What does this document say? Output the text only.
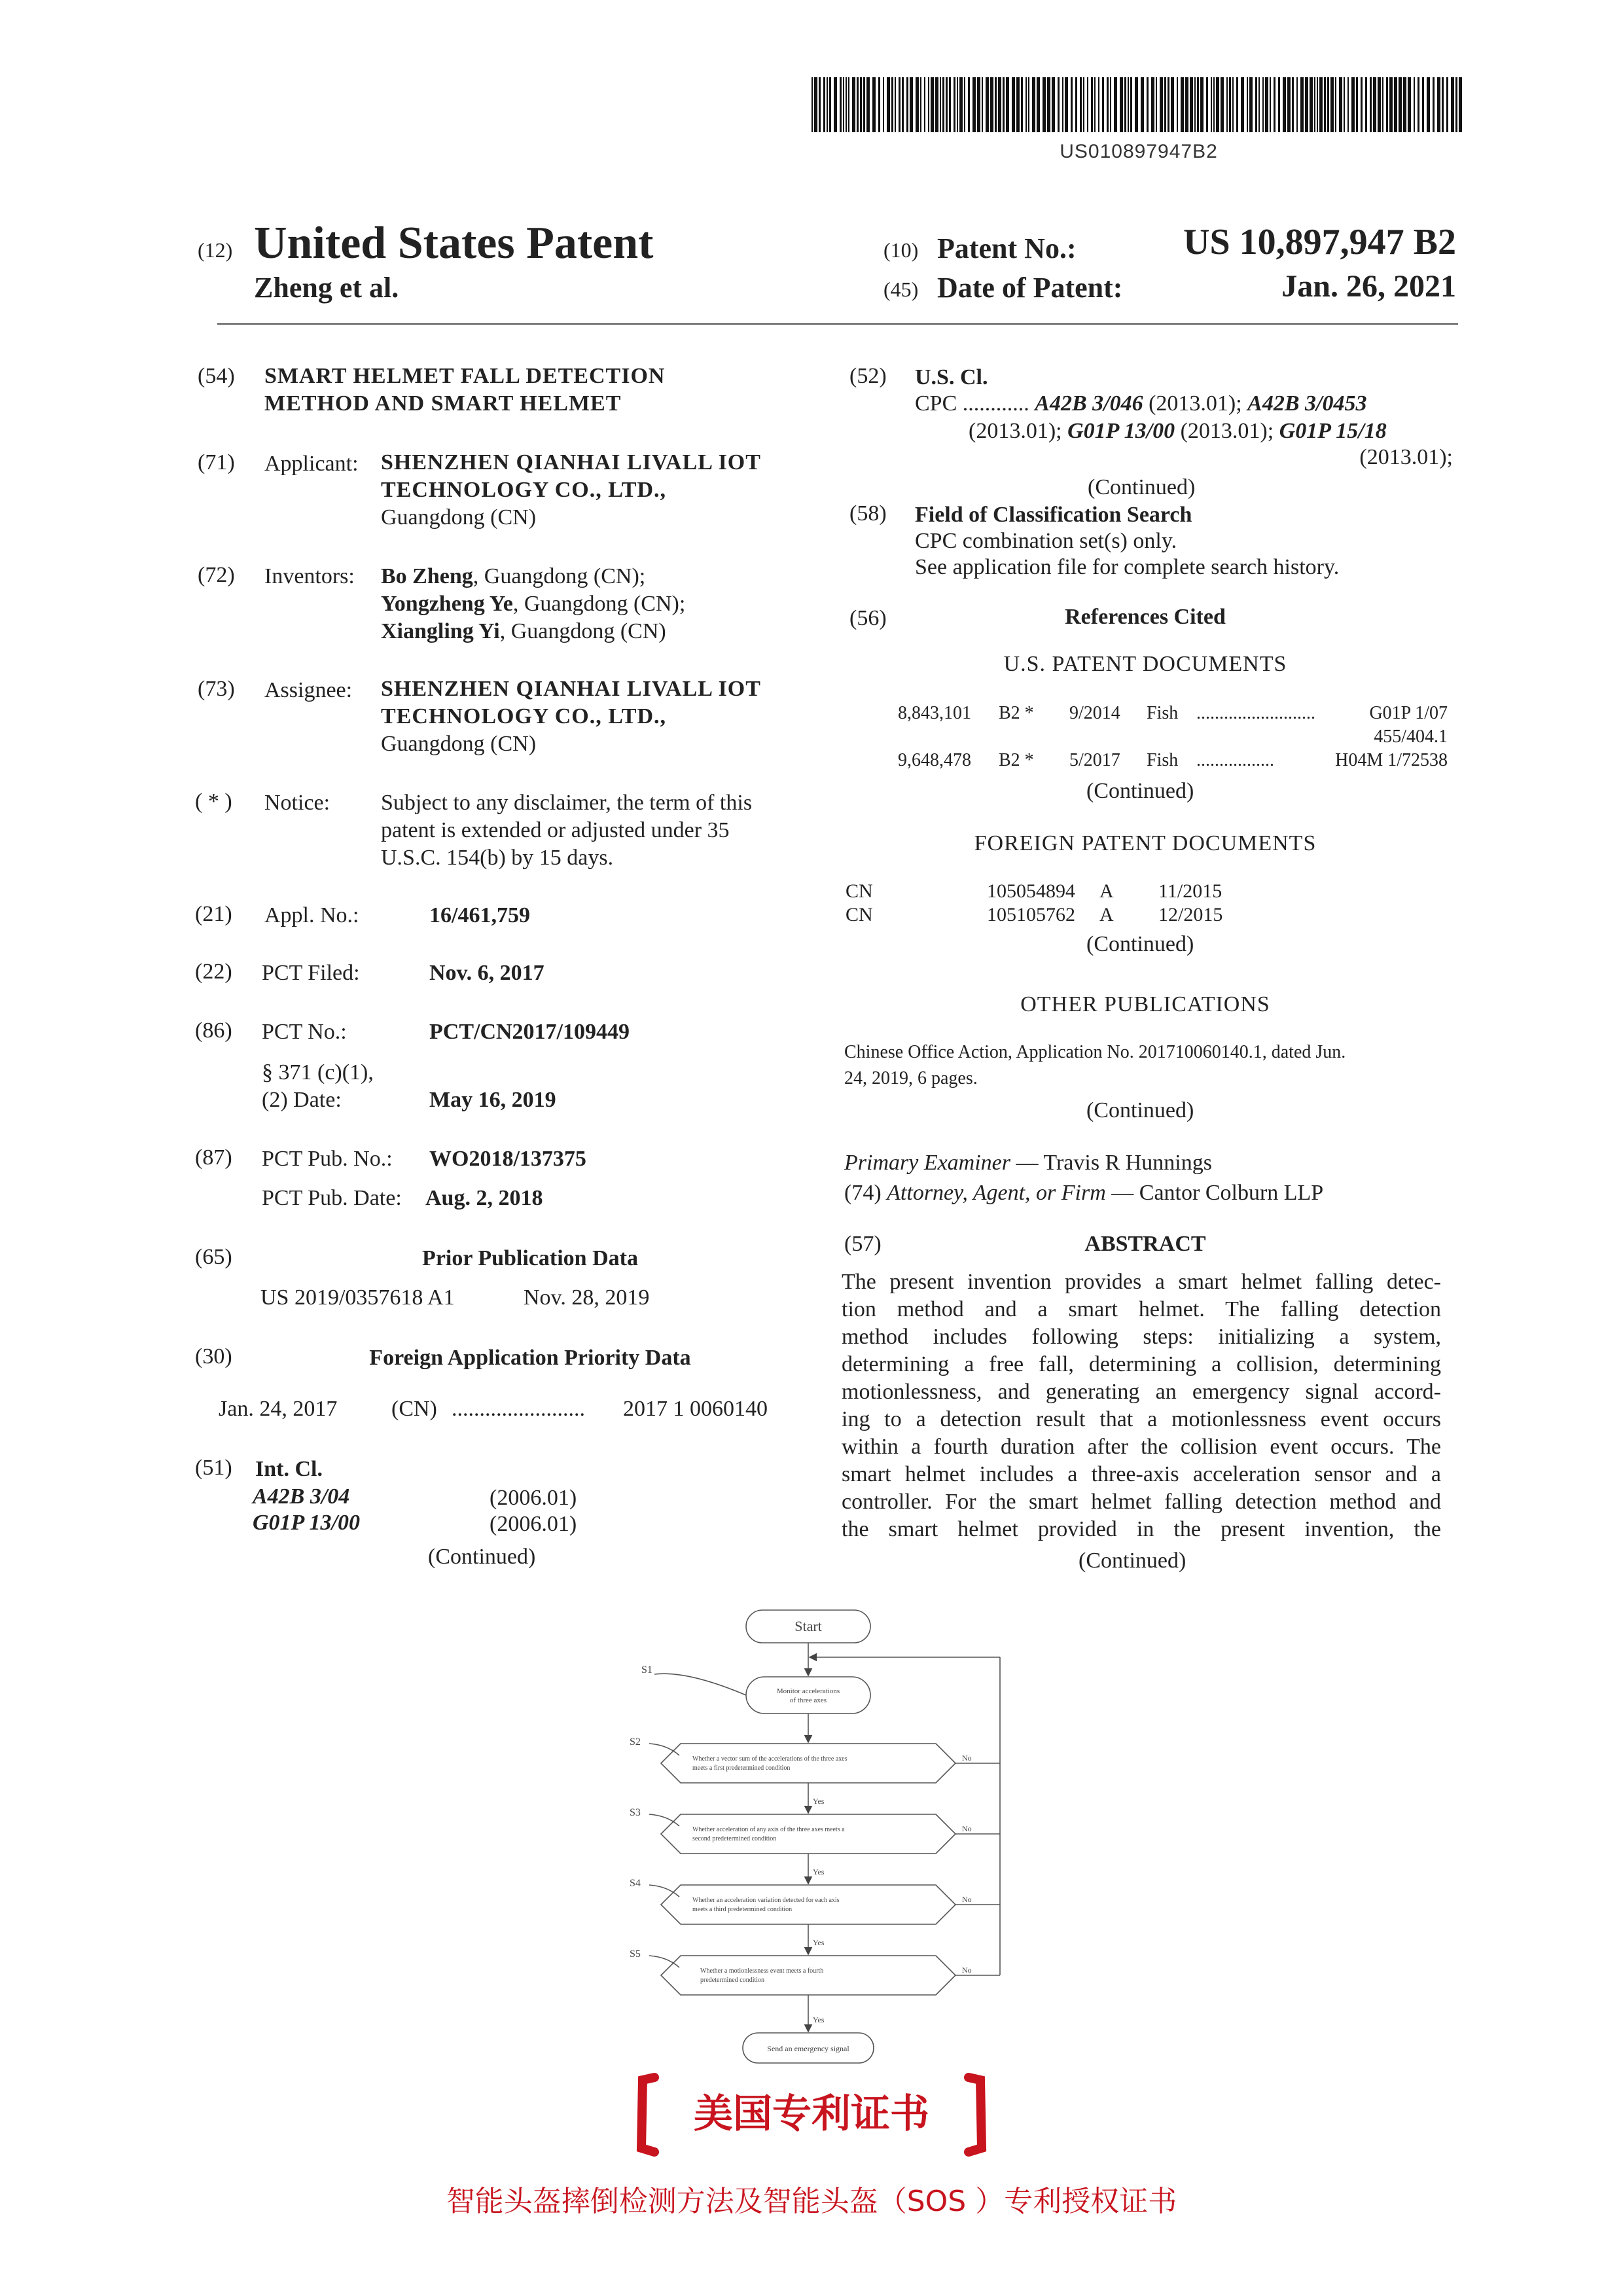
US010897947B2
(12) United States Patent
Zheng et al.
(10) Patent No.:	US 10,897,947 B2
(45) Date of Patent:	Jan. 26, 2021
(54) SMART HELMET FALL DETECTION
METHOD AND SMART HELMET
(71) Applicant: SHENZHEN QIANHAI LIVALL IOT
TECHNOLOGY CO., LTD.,
Guangdong (CN)
(72) Inventors: Bo Zheng, Guangdong (CN);
Yongzheng Ye, Guangdong (CN);
Xiangling Yi, Guangdong (CN)
(73) Assignee: SHENZHEN QIANHAI LIVALL IOT
TECHNOLOGY CO., LTD.,
Guangdong (CN)
( * ) Notice: Subject to any disclaimer, the term of this
patent is extended or adjusted under 35
U.S.C. 154(b) by 15 days.
(21) Appl. No.:	16/461,759
(22) PCT Filed:	Nov. 6, 2017
(86) PCT No.:	PCT/CN2017/109449
§ 371 (c)(1),
(2) Date:	May 16, 2019
(87) PCT Pub. No.: WO2018/137375
PCT Pub. Date: Aug. 2, 2018
(65)	Prior Publication Data
US 2019/0357618 A1	Nov. 28, 2019
(30)	Foreign Application Priority Data
Jan. 24, 2017 (CN) ........................ 2017 1 0060140
(51) Int. Cl.
A42B 3/04	(2006.01)
G01P 13/00	(2006.01)
(Continued)
(52) U.S. Cl.
CPC ............ A42B 3/046 (2013.01); A42B 3/0453
(2013.01); G01P 13/00 (2013.01); G01P 15/18
(2013.01);
(Continued)
(58) Field of Classification Search
CPC combination set(s) only.
See application file for complete search history.
(56)	References Cited
U.S. PATENT DOCUMENTS
8,843,101 B2 * 9/2014 Fish ..........................	G01P 1/07
455/404.1
9,648,478 B2 * 5/2017 Fish .................	H04M 1/72538
(Continued)
FOREIGN PATENT DOCUMENTS
CN	105054894 A 11/2015
CN	105105762 A 12/2015
(Continued)
OTHER PUBLICATIONS
Chinese Office Action, Application No. 201710060140.1, dated Jun.
24, 2019, 6 pages.
(Continued)
Primary Examiner — Travis R Hunnings
(74) Attorney, Agent, or Firm — Cantor Colburn LLP
(57)	ABSTRACT
The present invention provides a smart helmet falling detec-
tion method and a smart helmet. The falling detection
method includes following steps: initializing a system,
determining a free fall, determining a collision, determining
motionlessness, and generating an emergency signal accord-
ing to a detection result that a motionlessness event occurs
within a fourth duration after the collision event occurs. The
smart helmet includes a three-axis acceleration sensor and a
controller. For the smart helmet falling detection method and
the smart helmet provided in the present invention, the
(Continued)
Start
S1
Monitor accelerations
of three axes
S2
Whether a vector sum of the accelerations of the three axes
meets a first predetermined condition
S3
Whether acceleration of any axis of the three axes meets a
second predetermined condition
S4
Whether an acceleration variation detected for each axis
meets a third predetermined condition
S5
Whether a motionlessness event meets a fourth
predetermined condition
Yes
Yes
Yes
Yes
No
No
No
No
Send an emergency signal
美国专利证书
智能头盔摔倒检测方法及智能头盔（SOS ）专利授权证书
